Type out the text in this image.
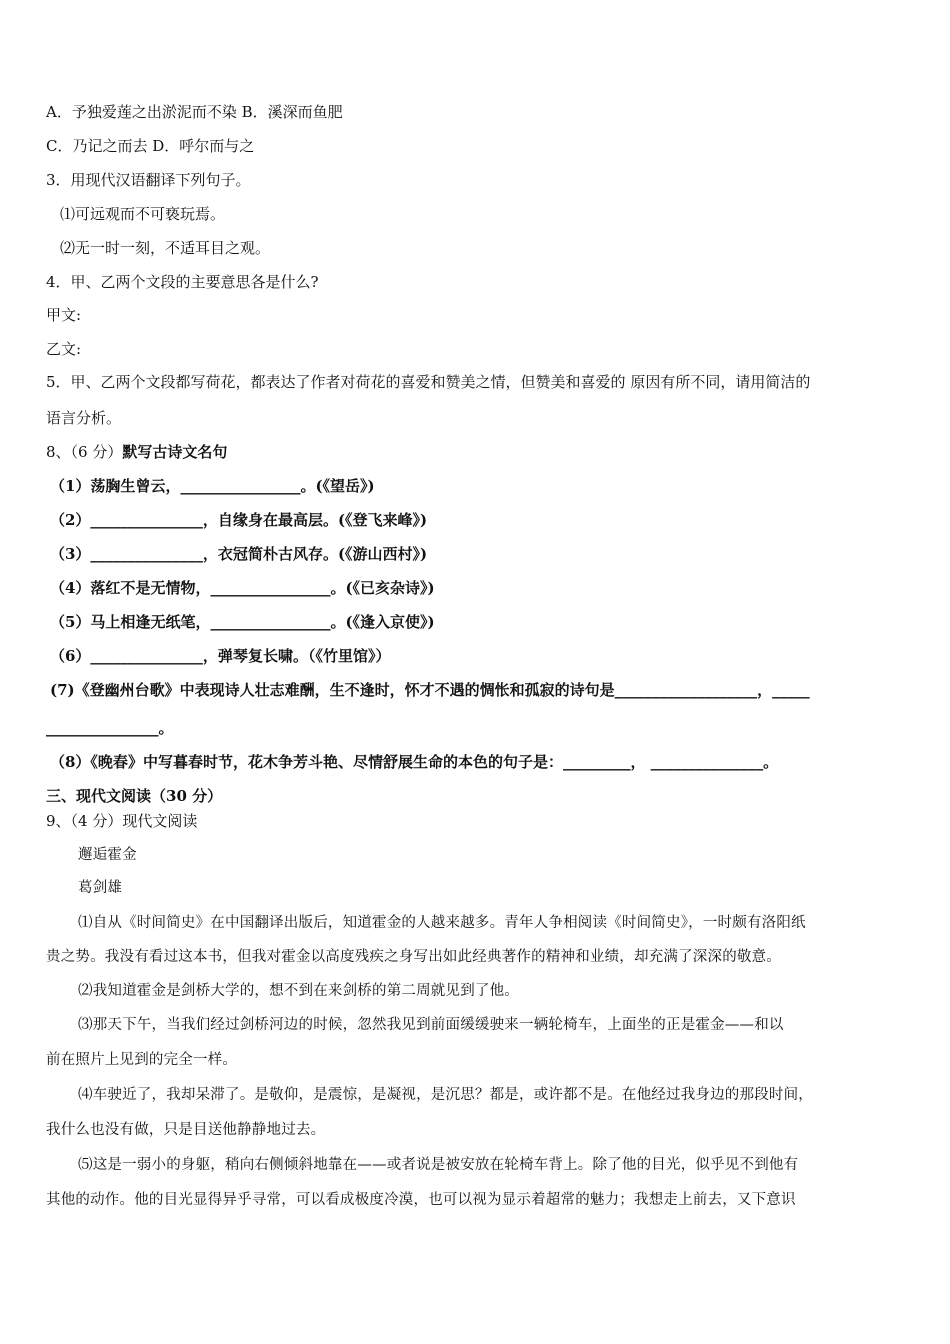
A．予独爱莲之出淤泥而不染 B．溪深而鱼肥
C．乃记之而去 D．呼尔而与之
3．用现代汉语翻译下列句子。
⑴可远观而不可亵玩焉。
⑵无一时一刻，不适耳目之观。
4．甲、乙两个文段的主要意思各是什么?
甲文:
乙文:
5．甲、乙两个文段都写荷花，都表达了作者对荷花的喜爱和赞美之情，但赞美和喜爱的 原因有所不同，请用简洁的
语言分析。
8、（6 分）默写古诗文名句
（1）荡胸生曾云，________________。(《望岳》)
（2）_______________，自缘身在最高层。(《登飞来峰》)
（3）_______________，衣冠简朴古风存。(《游山西村》)
（4）落红不是无情物，________________。(《已亥杂诗》)
（5）马上相逢无纸笔，________________。(《逢入京使》)
（6）_______________，弹琴复长啸。（《竹里馆》）
(7)《登幽州台歌》中表现诗人壮志难酬，生不逢时，怀才不遇的惆怅和孤寂的诗句是___________________，_____
_______________。
（8）《晚春》中写暮春时节，花木争芳斗艳、尽情舒展生命的本色的句子是：_________， _______________。
三、现代文阅读（30 分）
9、（4 分）现代文阅读
邂逅霍金
葛剑雄
⑴自从《时间简史》在中国翻译出版后，知道霍金的人越来越多。青年人争相阅读《时间简史》，一时颇有洛阳纸
贵之势。我没有看过这本书，但我对霍金以高度残疾之身写出如此经典著作的精神和业绩，却充满了深深的敬意。
⑵我知道霍金是剑桥大学的，想不到在来剑桥的第二周就见到了他。
⑶那天下午，当我们经过剑桥河边的时候，忽然我见到前面缓缓驶来一辆轮椅车，上面坐的正是霍金——和以
前在照片上见到的完全一样。
⑷车驶近了，我却呆滞了。是敬仰，是震惊，是凝视，是沉思？都是，或许都不是。在他经过我身边的那段时间，
我什么也没有做，只是目送他静静地过去。
⑸这是一弱小的身躯，稍向右侧倾斜地靠在——或者说是被安放在轮椅车背上。除了他的目光，似乎见不到他有
其他的动作。他的目光显得异乎寻常，可以看成极度冷漠，也可以视为显示着超常的魅力；我想走上前去，又下意识
